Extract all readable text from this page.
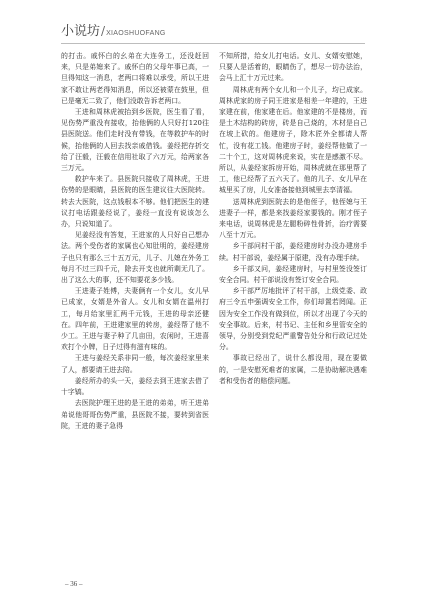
小说坊 / XIAOSHUOFANG

的打击。戚怀白的幺弟在大连务工，还没赶回来，只是弟媳来了。戚怀白的父母年事已高，一旦得知这一消息，老两口将难以承受，所以王进家不敢让两老得知消息，所以还被蒙在鼓里，但已是毫无二致了，他们没敢告诉老两口。

王进和周林虎被抬到乡医院，医生看了看，见伤势严重没有接收，抬他俩的人只好打120往县医院送。他们走时没有带钱，在等救护车的时候，抬他俩的人回去找亲戚借钱。姜经把存折交给了汪毅，汪毅在信用社取了六万元，给两家各三万元。

救护车来了。县医院只接收了周林虎，王进伤势的是眼睛，县医院的医生建议往大医院转。转去大医院，这点钱根本不够。他们把医生的建议打电话跟姜经说了，姜经一直没有说该怎么办，只说知道了。

见姜经没有答复，王进家的人只好自己想办法。两个受伤者的家属也心知肚明的，姜经建房子也只有那么三十五万元，儿子、儿媳在外务工每月不过三四千元，除去开支也就所剩无几了。出了这么大的事，还不知要花多少钱。

王进妻子姓傅，夫妻俩有一个女儿，女儿早已成家，女婿是外省人。女儿和女婿在温州打工，每月给家里汇两千元钱，王进的母亲还健在。四年前，王进建家里的转房，姜经帮了他不少工。王进与妻子种了几亩田，农闲时，王进喜欢打个小牌，日子过得有滋有味的。

王进与姜经关系非同一般，每次姜经家里来了人，都要请王进去陪。

姜经所办的头一天，姜经去到王进家去借了十字镐。

去医院护理王进的是王进的弟弟，听王进弟弟说他哥哥伤势严重，县医院不接，要转到省医院，王进的妻子急得

不知所措，给女儿打电话。女儿、女婿安慰她，只要人是活着的，眼睛伤了，想尽一切办法治，会马上汇十万元过来。

周林虎有两个女儿和一个儿子，均已成家。周林虎家的房子同王进家是相差一年建的，王进家建在前，他家建在后。他家建的不是楼房，而是土木结构的砖房，砖是自己烧的，木材是自己在坡上砍的。他建房子，除木匠外全都请人帮忙，没有花工钱。他建房子时，姜经帮他做了一二十个工，这对周林虎来说，实在是感激不尽。所以，从姜经家拆房开始，周林虎就在那里帮了工，他已经帮了五六天了。他的儿子、女儿早在城里买了房，儿女准备接他到城里去享清福。

送周林虎到医院去的是他侄子，他侄媳与王进妻子一样，都是来找姜经家要钱的。刚才侄子来电话，说周林虎是左腿粉碎性骨折，治疗需要八至十万元。

乡干部问村干部，姜经建房时办没办建房手续。村干部说，姜经属于原建，没有办理手续。

乡干部又问，姜经建房时，与村里签没签订安全合同。村干部说没有签订安全合同。

乡干部严厉地批评了村干部，上级党委、政府三令五申强调安全工作，你们却置若罔闻。正因为安全工作没有做到位，所以才出现了今天的安全事故。后来，村书记、主任和乡里管安全的领导，分别受到党纪严重警告处分和行政记过处分。

事故已经出了，说什么都没用，现在要做的，一是安慰死难者的家属，二是协助解决遇难者和受伤者的赔偿问题。

– 36 –
